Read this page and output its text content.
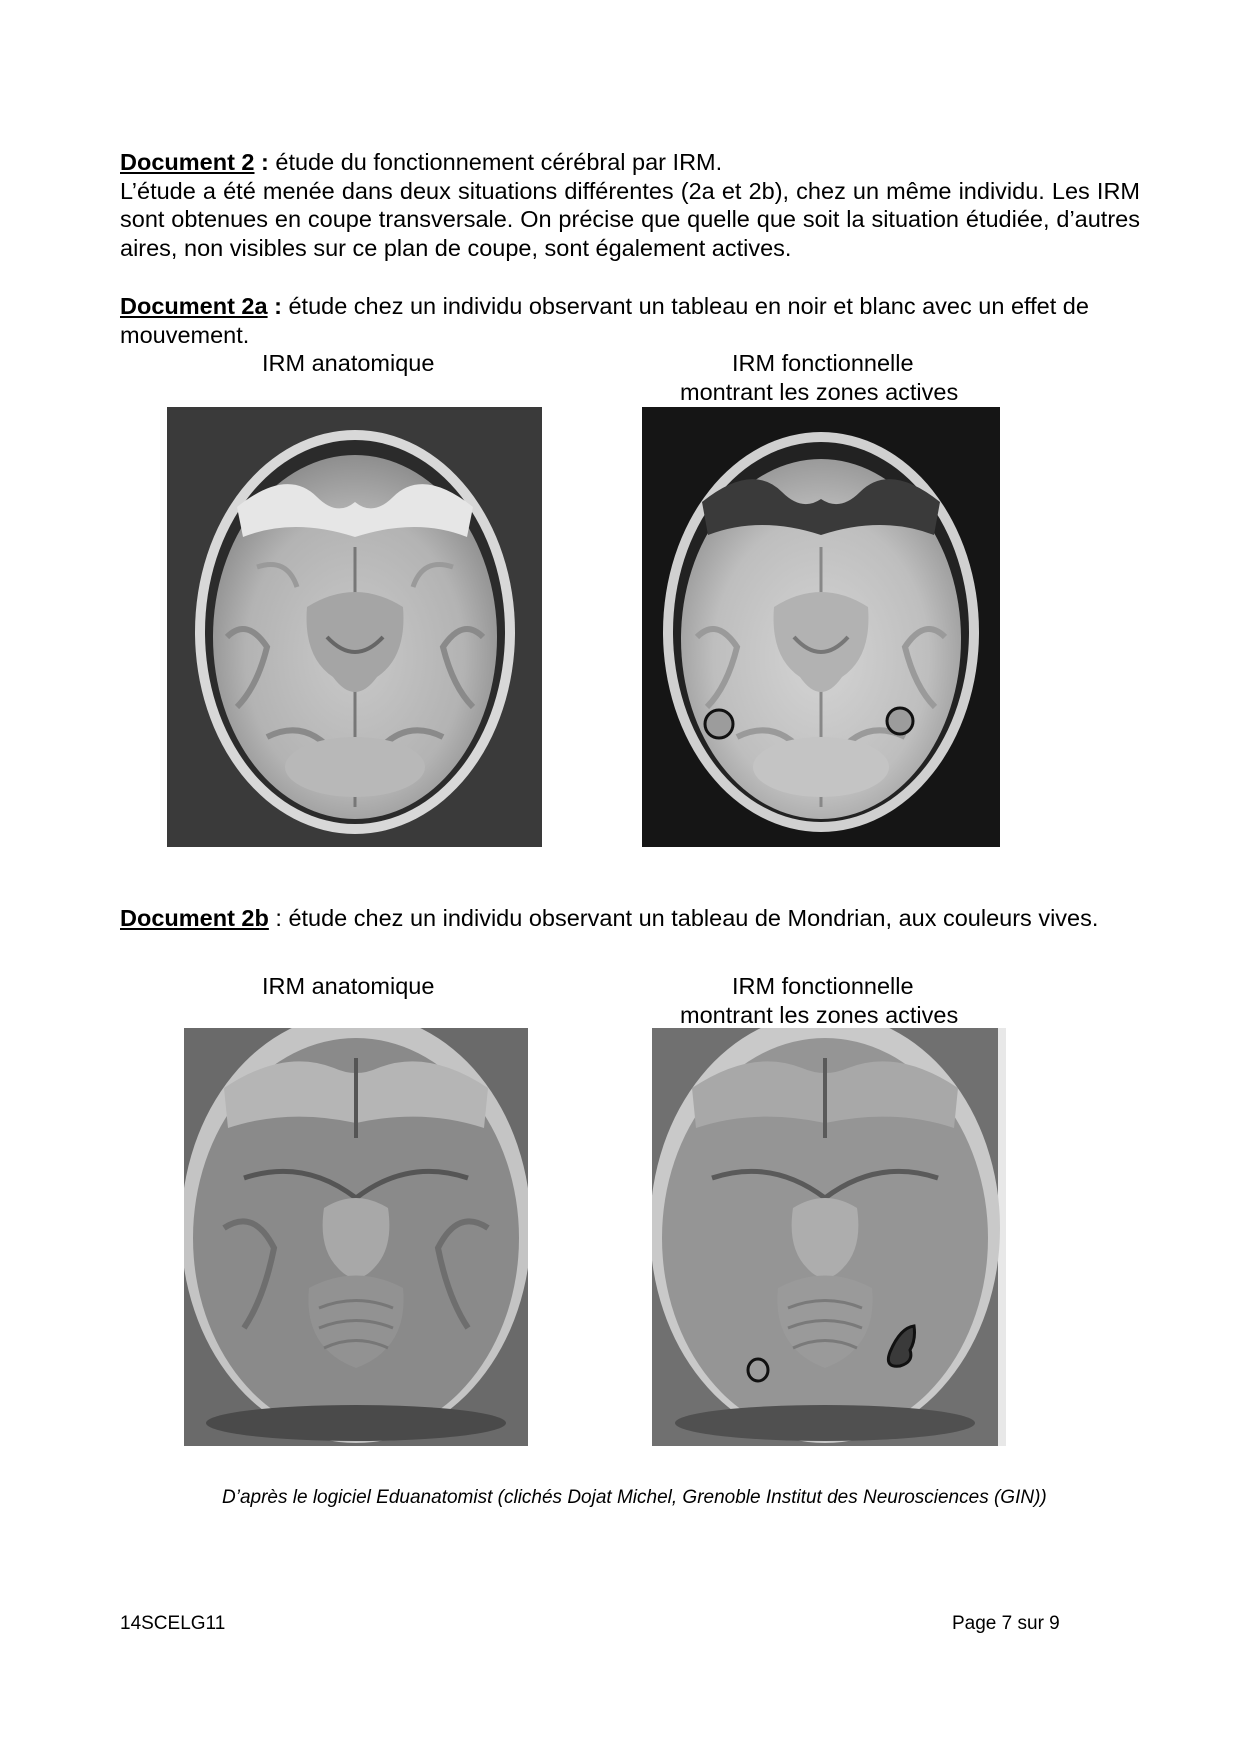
Document 2 : étude du fonctionnement cérébral par IRM.
L’étude a été menée dans deux situations différentes (2a et 2b), chez un même individu. Les IRM sont obtenues en coupe transversale. On précise que quelle que soit la situation étudiée, d’autres aires, non visibles sur ce plan de coupe, sont également actives.

Document 2a : étude chez un individu observant un tableau en noir et blanc avec un effet de mouvement.

IRM anatomique	IRM fonctionnelle
montrant les zones actives

Document 2b : étude chez un individu observant un tableau de Mondrian, aux couleurs vives.

IRM anatomique	IRM fonctionnelle
montrant les zones actives
D’après le logiciel Eduanatomist (clichés Dojat Michel, Grenoble Institut des Neurosciences (GIN))
14SCELG11	Page 7 sur 9
